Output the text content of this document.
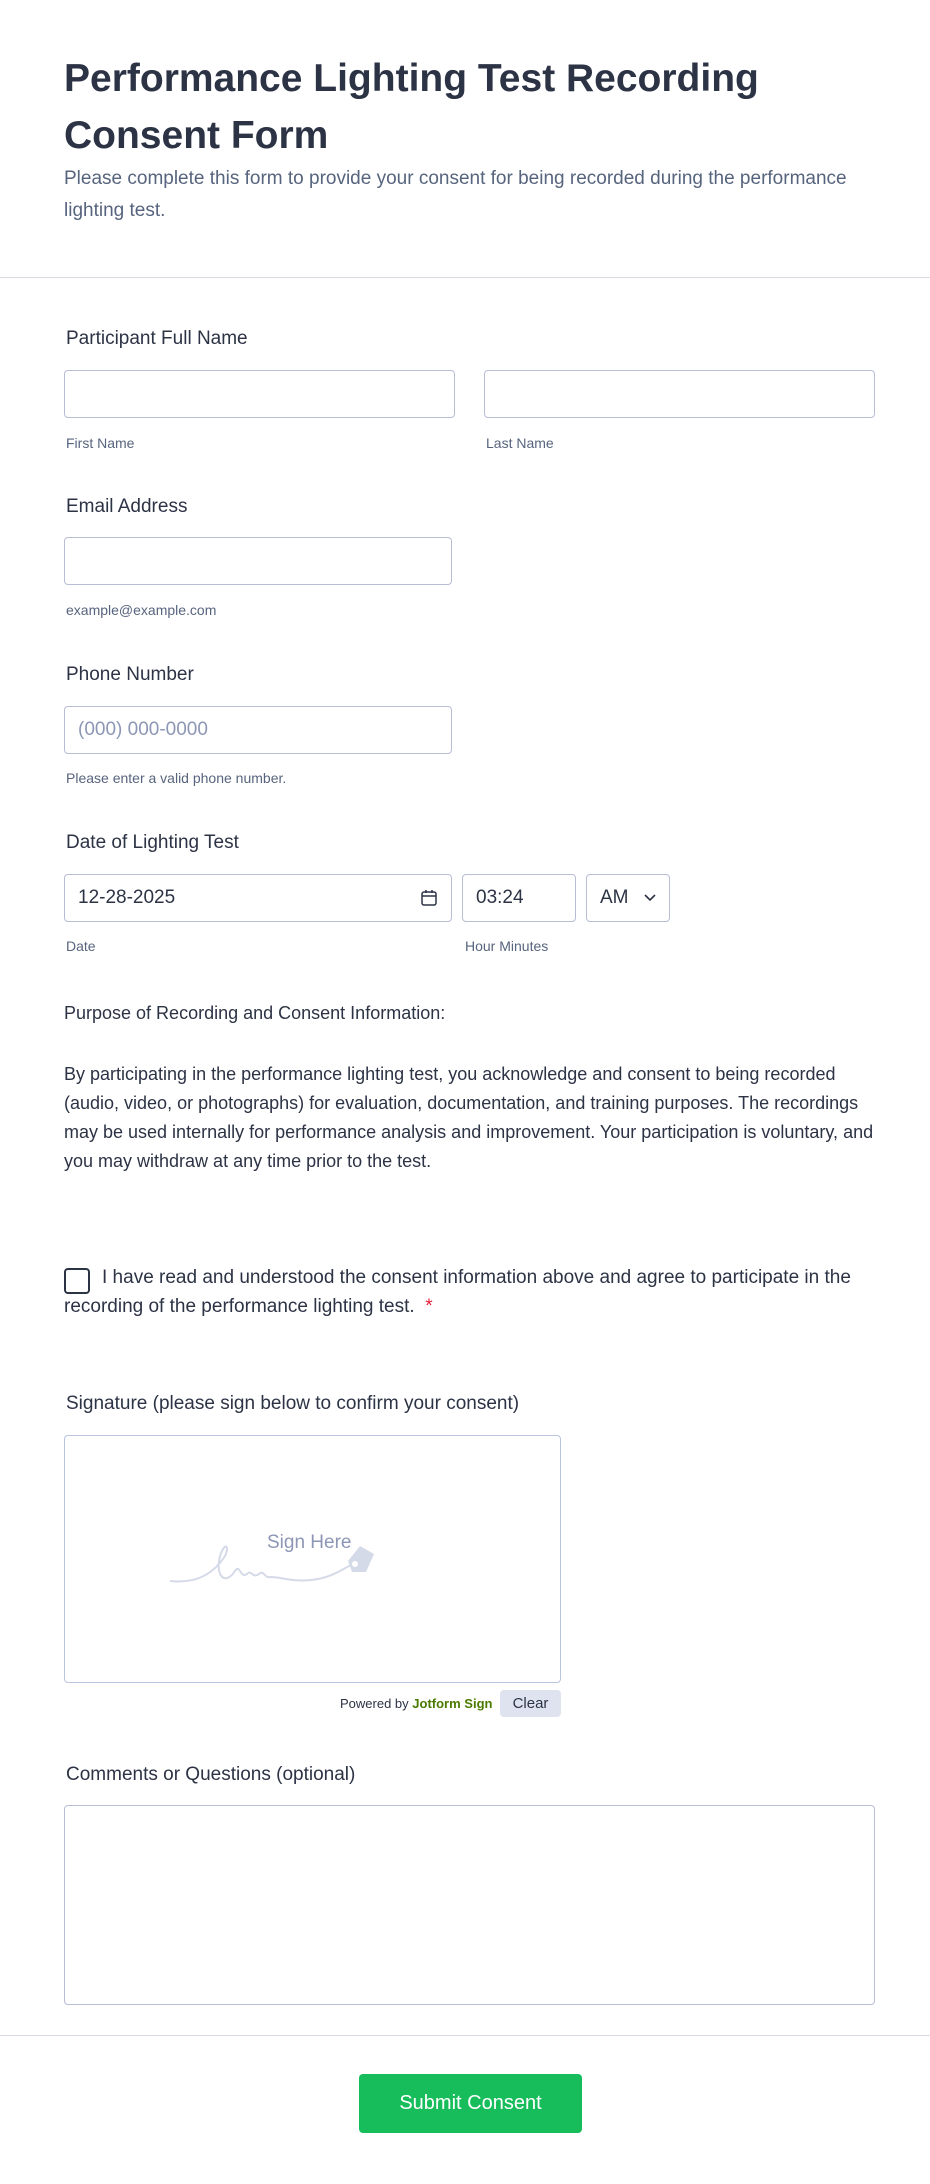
Performance Lighting Test Recording Consent Form
Please complete this form to provide your consent for being recorded during the performance lighting test.
Participant Full Name
First Name	Last Name
Email Address
example@example.com
Phone Number
(000) 000-0000
Please enter a valid phone number.
Date of Lighting Test
12-28-2025	03:24	AM
Date	Hour Minutes
Purpose of Recording and Consent Information:
By participating in the performance lighting test, you acknowledge and consent to being recorded (audio, video, or photographs) for evaluation, documentation, and training purposes. The recordings may be used internally for performance analysis and improvement. Your participation is voluntary, and you may withdraw at any time prior to the test.
I have read and understood the consent information above and agree to participate in the recording of the performance lighting test. *
Signature (please sign below to confirm your consent)
Sign Here
Powered by Jotform Sign	Clear
Comments or Questions (optional)
Submit Consent
